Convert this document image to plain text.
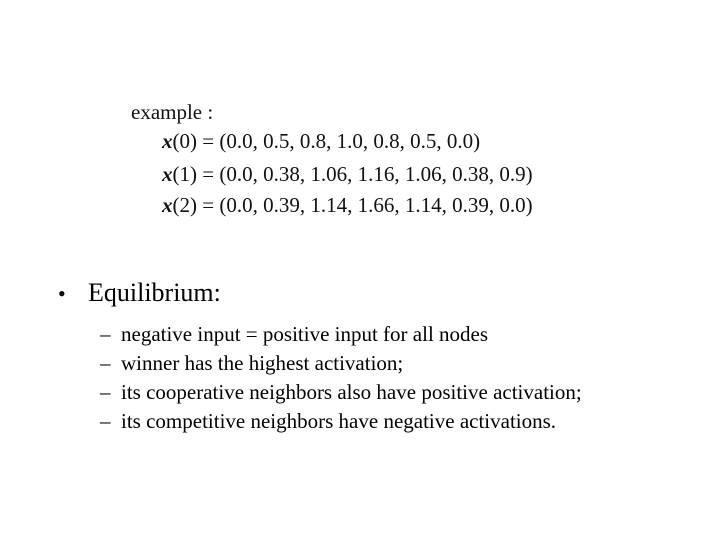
example :
x(0) = (0.0, 0.5, 0.8, 1.0, 0.8, 0.5, 0.0)
x(1) = (0.0, 0.38, 1.06, 1.16, 1.06, 0.38, 0.9)
x(2) = (0.0, 0.39, 1.14, 1.66, 1.14, 0.39, 0.0)
• Equilibrium:
– negative input = positive input for all nodes
– winner has the highest activation;
– its cooperative neighbors also have positive activation;
– its competitive neighbors have negative activations.
